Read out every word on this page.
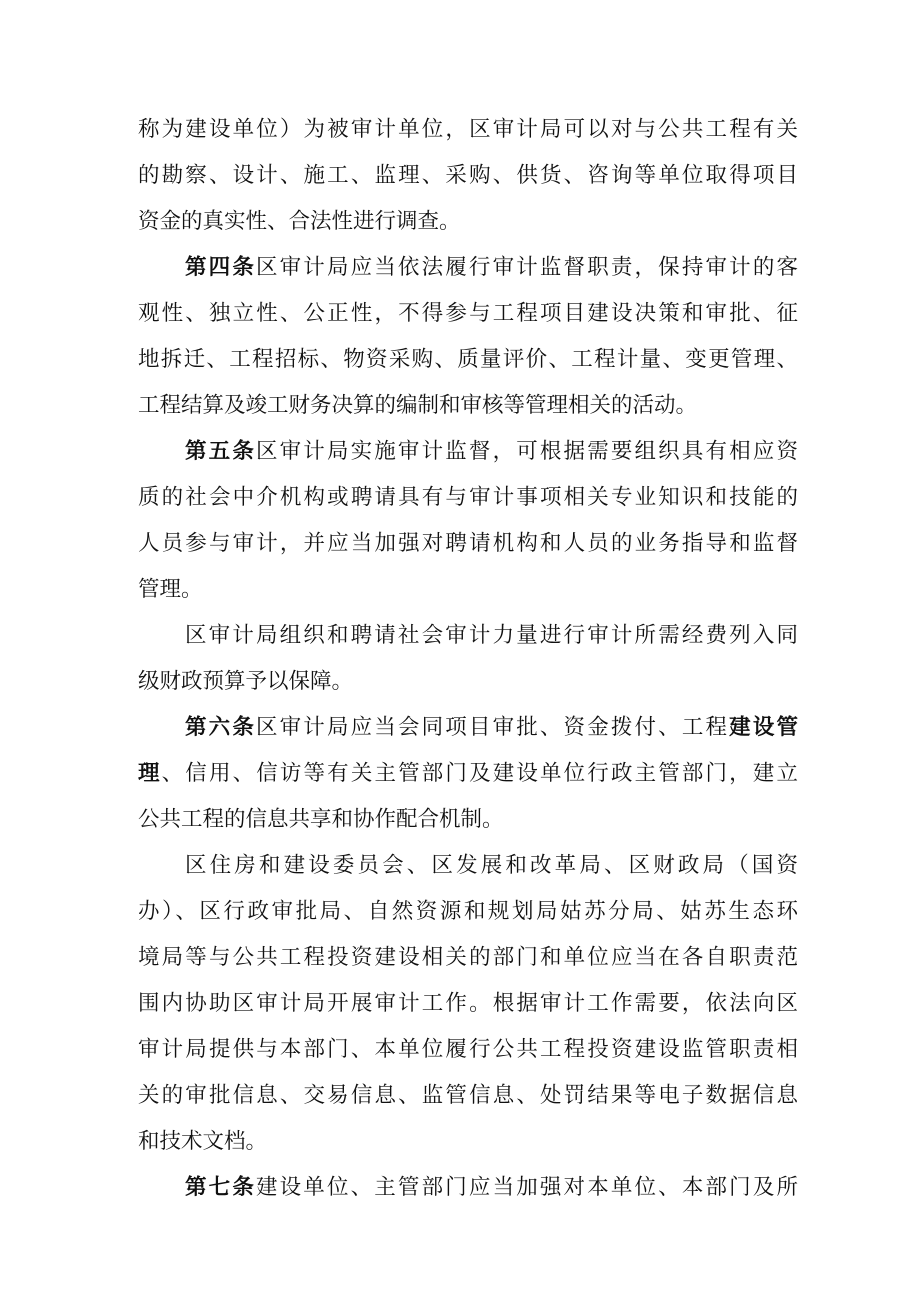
称为建设单位）为被审计单位，区审计局可以对与公共工程有关
的勘察、设计、施工、监理、采购、供货、咨询等单位取得项目
资金的真实性、合法性进行调查。
第四条区审计局应当依法履行审计监督职责，保持审计的客
观性、独立性、公正性，不得参与工程项目建设决策和审批、征
地拆迁、工程招标、物资采购、质量评价、工程计量、变更管理、
工程结算及竣工财务决算的编制和审核等管理相关的活动。
第五条区审计局实施审计监督，可根据需要组织具有相应资
质的社会中介机构或聘请具有与审计事项相关专业知识和技能的
人员参与审计，并应当加强对聘请机构和人员的业务指导和监督
管理。
区审计局组织和聘请社会审计力量进行审计所需经费列入同
级财政预算予以保障。
第六条区审计局应当会同项目审批、资金拨付、工程建设管
理、信用、信访等有关主管部门及建设单位行政主管部门，建立
公共工程的信息共享和协作配合机制。
区住房和建设委员会、区发展和改革局、区财政局（国资
办）、区行政审批局、自然资源和规划局姑苏分局、姑苏生态环
境局等与公共工程投资建设相关的部门和单位应当在各自职责范
围内协助区审计局开展审计工作。根据审计工作需要，依法向区
审计局提供与本部门、本单位履行公共工程投资建设监管职责相
关的审批信息、交易信息、监管信息、处罚结果等电子数据信息
和技术文档。
第七条建设单位、主管部门应当加强对本单位、本部门及所
